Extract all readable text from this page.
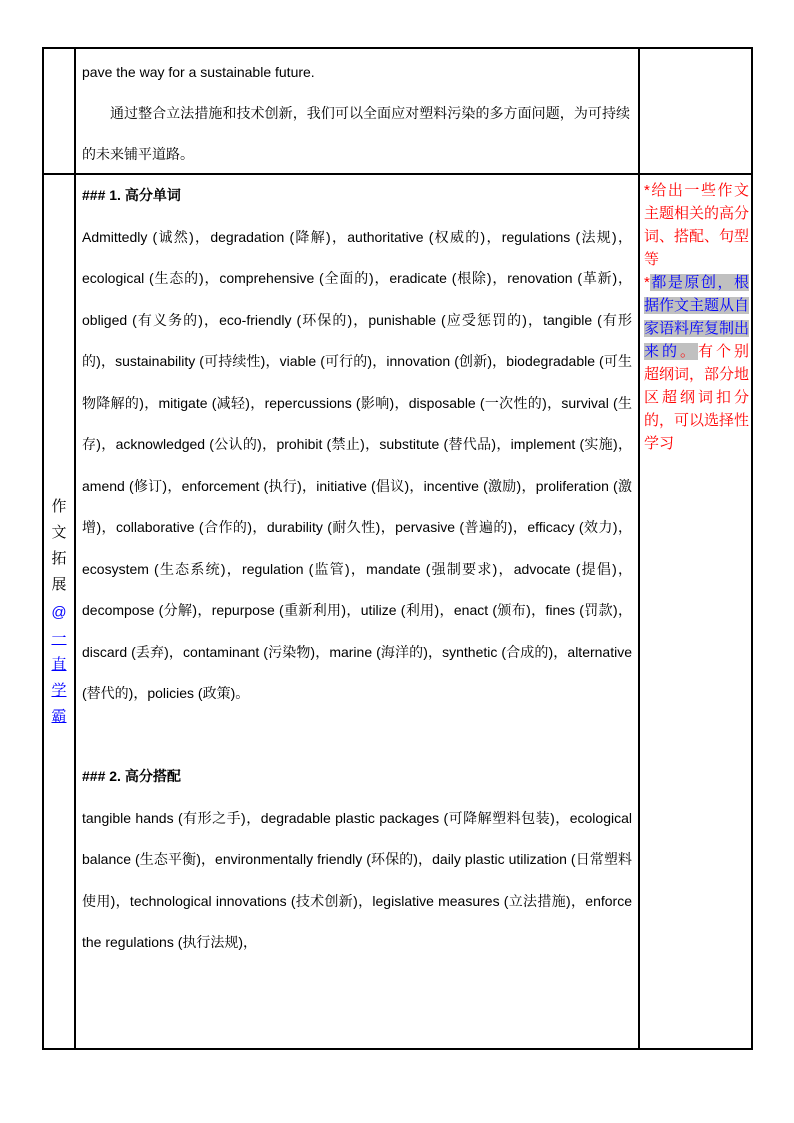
pave the way for a sustainable future.

通过整合立法措施和技术创新，我们可以全面应对塑料污染的多方面问题，为可持续的未来铺平道路。

作
文
拓
展
@
一
直
学
霸

### 1. 高分单词

Admittedly (诚然)，degradation (降解)，authoritative (权威的)，regulations (法规)，ecological (生态的)，comprehensive (全面的)，eradicate (根除)，renovation (革新)，obliged (有义务的)，eco-friendly (环保的)，punishable (应受惩罚的)，tangible (有形的)，sustainability (可持续性)，viable (可行的)，innovation (创新)，biodegradable (可生物降解的)，mitigate (减轻)，repercussions (影响)，disposable (一次性的)，survival (生存)，acknowledged (公认的)，prohibit (禁止)，substitute (替代品)，implement (实施)，amend (修订)，enforcement (执行)，initiative (倡议)，incentive (激励)，proliferation (激增)，collaborative (合作的)，durability (耐久性)，pervasive (普遍的)，efficacy (效力)，ecosystem (生态系统)，regulation (监管)，mandate (强制要求)，advocate (提倡)，decompose (分解)，repurpose (重新利用)，utilize (利用)，enact (颁布)，fines (罚款)，discard (丢弃)，contaminant (污染物)，marine (海洋的)，synthetic (合成的)，alternative (替代的)，policies (政策)。

### 2. 高分搭配

tangible hands (有形之手)，degradable plastic packages (可降解塑料包装)，ecological balance (生态平衡)，environmentally friendly (环保的)，daily plastic utilization (日常塑料使用)，technological innovations (技术创新)，legislative measures (立法措施)，enforce the regulations (执行法规)，

*给出一些作文主题相关的高分词、搭配、句型等

*都是原创，根据作文主题从自家语料库复制出来的。有个别超纲词，部分地区超纲词扣分的，可以选择性学习
